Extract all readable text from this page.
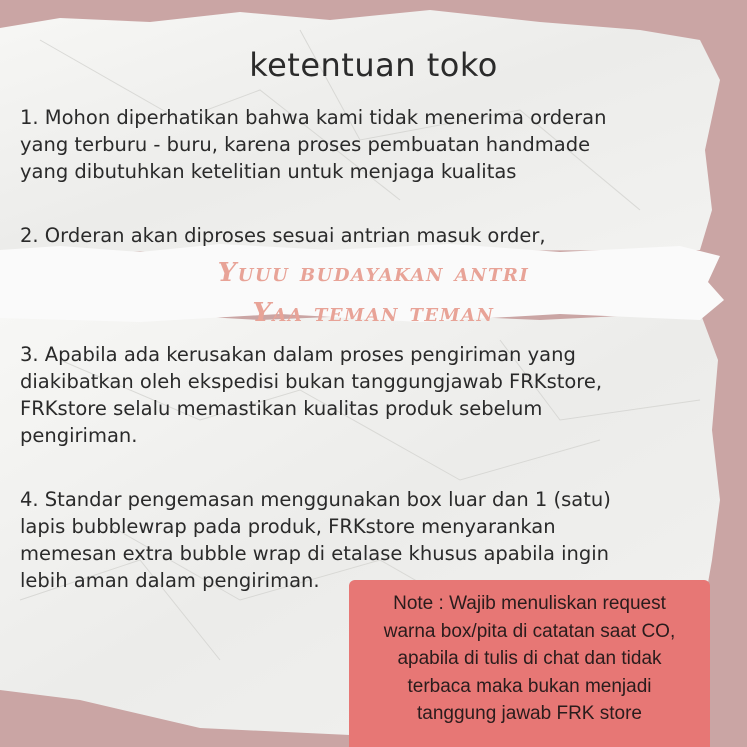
ketentuan toko
1. Mohon diperhatikan bahwa kami tidak menerima orderan
yang terburu - buru, karena proses pembuatan handmade
yang dibutuhkan ketelitian untuk menjaga kualitas
2. Orderan akan diproses sesuai antrian masuk order,
Yuuu budayakan antri
Yaa teman teman
3. Apabila ada kerusakan dalam proses pengiriman yang
diakibatkan oleh ekspedisi bukan tanggungjawab FRKstore,
FRKstore selalu memastikan kualitas produk sebelum
pengiriman.
4. Standar pengemasan menggunakan box luar dan 1 (satu)
lapis bubblewrap pada produk, FRKstore menyarankan
memesan extra bubble wrap di etalase khusus apabila ingin
lebih aman dalam pengiriman.
Note : Wajib menuliskan request
warna box/pita di catatan saat CO,
apabila di tulis di chat dan tidak
terbaca maka bukan menjadi
tanggung jawab FRK store
